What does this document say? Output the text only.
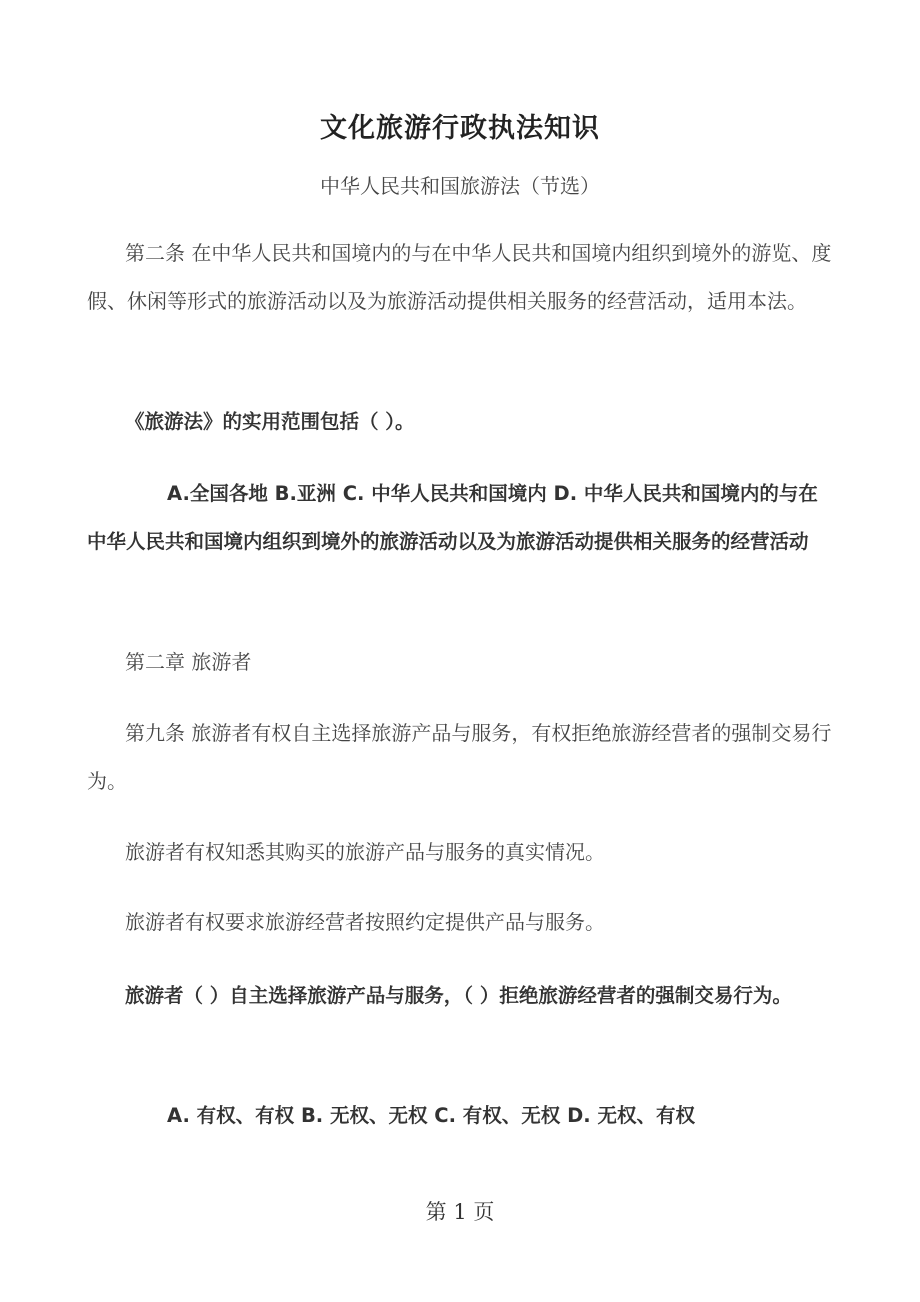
文化旅游行政执法知识
中华人民共和国旅游法（节选）
第二条 在中华人民共和国境内的与在中华人民共和国境内组织到境外的游览、度假、休闲等形式的旅游活动以及为旅游活动提供相关服务的经营活动，适用本法。
《旅游法》的实用范围包括（ ）。
A.全国各地 B.亚洲 C. 中华人民共和国境内 D. 中华人民共和国境内的与在中华人民共和国境内组织到境外的旅游活动以及为旅游活动提供相关服务的经营活动
第二章 旅游者
第九条 旅游者有权自主选择旅游产品与服务，有权拒绝旅游经营者的强制交易行为。
旅游者有权知悉其购买的旅游产品与服务的真实情况。
旅游者有权要求旅游经营者按照约定提供产品与服务。
旅游者（ ）自主选择旅游产品与服务，（ ）拒绝旅游经营者的强制交易行为。
A. 有权、有权 B. 无权、无权 C. 有权、无权 D. 无权、有权
第 1 页
